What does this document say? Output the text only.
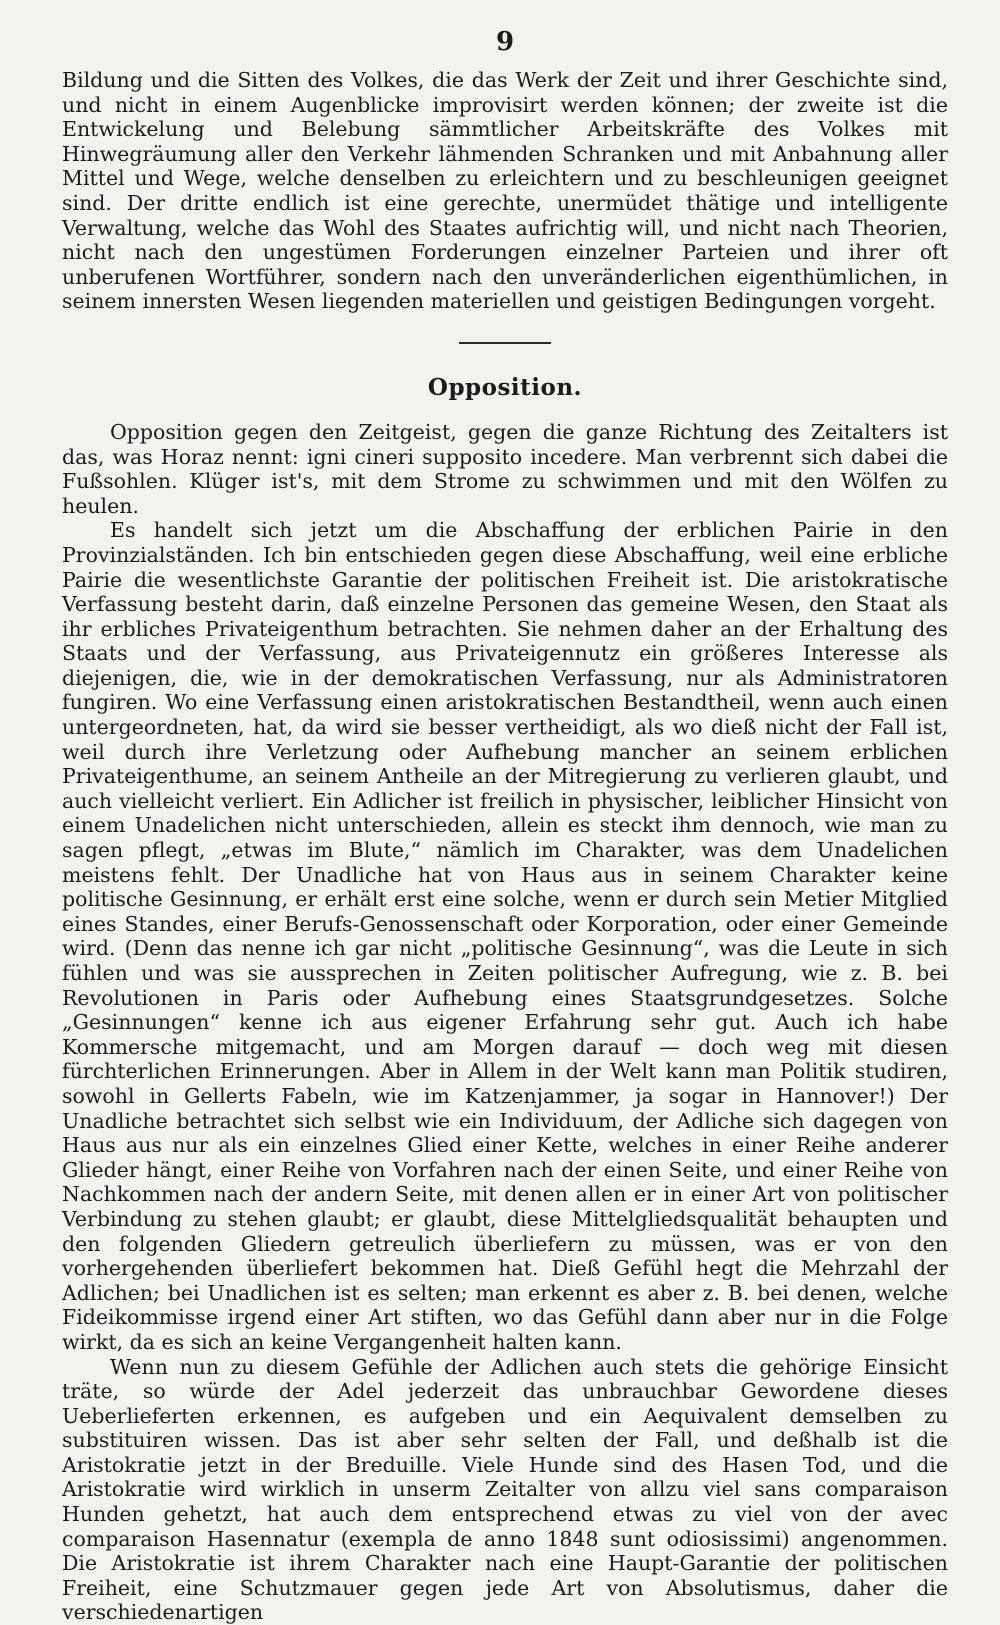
9

Bildung und die Sitten des Volkes, die das Werk der Zeit und ihrer Geschichte sind, und nicht in einem Augenblicke improvisirt werden können; der zweite ist die Entwickelung und Belebung sämmtlicher Arbeitskräfte des Volkes mit Hinwegräumung aller den Verkehr lähmenden Schranken und mit Anbahnung aller Mittel und Wege, welche denselben zu erleichtern und zu beschleunigen geeignet sind. Der dritte endlich ist eine gerechte, unermüdet thätige und intelligente Verwaltung, welche das Wohl des Staates aufrichtig will, und nicht nach Theorien, nicht nach den ungestümen Forderungen einzelner Parteien und ihrer oft unberufenen Wortführer, sondern nach den unveränderlichen eigenthümlichen, in seinem innersten Wesen liegenden materiellen und geistigen Bedingungen vorgeht.

Opposition.

Opposition gegen den Zeitgeist, gegen die ganze Richtung des Zeitalters ist das, was Horaz nennt: igni cineri supposito incedere. Man verbrennt sich dabei die Fußsohlen. Klüger ist's, mit dem Strome zu schwimmen und mit den Wölfen zu heulen.

Es handelt sich jetzt um die Abschaffung der erblichen Pairie in den Provinzialständen. Ich bin entschieden gegen diese Abschaffung, weil eine erbliche Pairie die wesentlichste Garantie der politischen Freiheit ist. Die aristokratische Verfassung besteht darin, daß einzelne Personen das gemeine Wesen, den Staat als ihr erbliches Privateigenthum betrachten. Sie nehmen daher an der Erhaltung des Staats und der Verfassung, aus Privateigennutz ein größeres Interesse als diejenigen, die, wie in der demokratischen Verfassung, nur als Administratoren fungiren. Wo eine Verfassung einen aristokratischen Bestandtheil, wenn auch einen untergeordneten, hat, da wird sie besser vertheidigt, als wo dieß nicht der Fall ist, weil durch ihre Verletzung oder Aufhebung mancher an seinem erblichen Privateigenthume, an seinem Antheile an der Mitregierung zu verlieren glaubt, und auch vielleicht verliert. Ein Adlicher ist freilich in physischer, leiblicher Hinsicht von einem Unadelichen nicht unterschieden, allein es steckt ihm dennoch, wie man zu sagen pflegt, „etwas im Blute,“ nämlich im Charakter, was dem Unadelichen meistens fehlt. Der Unadliche hat von Haus aus in seinem Charakter keine politische Gesinnung, er erhält erst eine solche, wenn er durch sein Metier Mitglied eines Standes, einer Berufs-Genossenschaft oder Korporation, oder einer Gemeinde wird. (Denn das nenne ich gar nicht „politische Gesinnung“, was die Leute in sich fühlen und was sie aussprechen in Zeiten politischer Aufregung, wie z. B. bei Revolutionen in Paris oder Aufhebung eines Staatsgrundgesetzes. Solche „Gesinnungen“ kenne ich aus eigener Erfahrung sehr gut. Auch ich habe Kommersche mitgemacht, und am Morgen darauf — doch weg mit diesen fürchterlichen Erinnerungen. Aber in Allem in der Welt kann man Politik studiren, sowohl in Gellerts Fabeln, wie im Katzenjammer, ja sogar in Hannover!) Der Unadliche betrachtet sich selbst wie ein Individuum, der Adliche sich dagegen von Haus aus nur als ein einzelnes Glied einer Kette, welches in einer Reihe anderer Glieder hängt, einer Reihe von Vorfahren nach der einen Seite, und einer Reihe von Nachkommen nach der andern Seite, mit denen allen er in einer Art von politischer Verbindung zu stehen glaubt; er glaubt, diese Mittelgliedsqualität behaupten und den folgenden Gliedern getreulich überliefern zu müssen, was er von den vorhergehenden überliefert bekommen hat. Dieß Gefühl hegt die Mehrzahl der Adlichen; bei Unadlichen ist es selten; man erkennt es aber z. B. bei denen, welche Fideikommisse irgend einer Art stiften, wo das Gefühl dann aber nur in die Folge wirkt, da es sich an keine Vergangenheit halten kann.

Wenn nun zu diesem Gefühle der Adlichen auch stets die gehörige Einsicht träte, so würde der Adel jederzeit das unbrauchbar Gewordene dieses Ueberlieferten erkennen, es aufgeben und ein Aequivalent demselben zu substituiren wissen. Das ist aber sehr selten der Fall, und deßhalb ist die Aristokratie jetzt in der Breduille. Viele Hunde sind des Hasen Tod, und die Aristokratie wird wirklich in unserm Zeitalter von allzu viel sans comparaison Hunden gehetzt, hat auch dem entsprechend etwas zu viel von der avec comparaison Hasennatur (exempla de anno 1848 sunt odiosissimi) angenommen. Die Aristokratie ist ihrem Charakter nach eine Haupt-Garantie der politischen Freiheit, eine Schutzmauer gegen jede Art von Absolutismus, daher die verschiedenartigen
